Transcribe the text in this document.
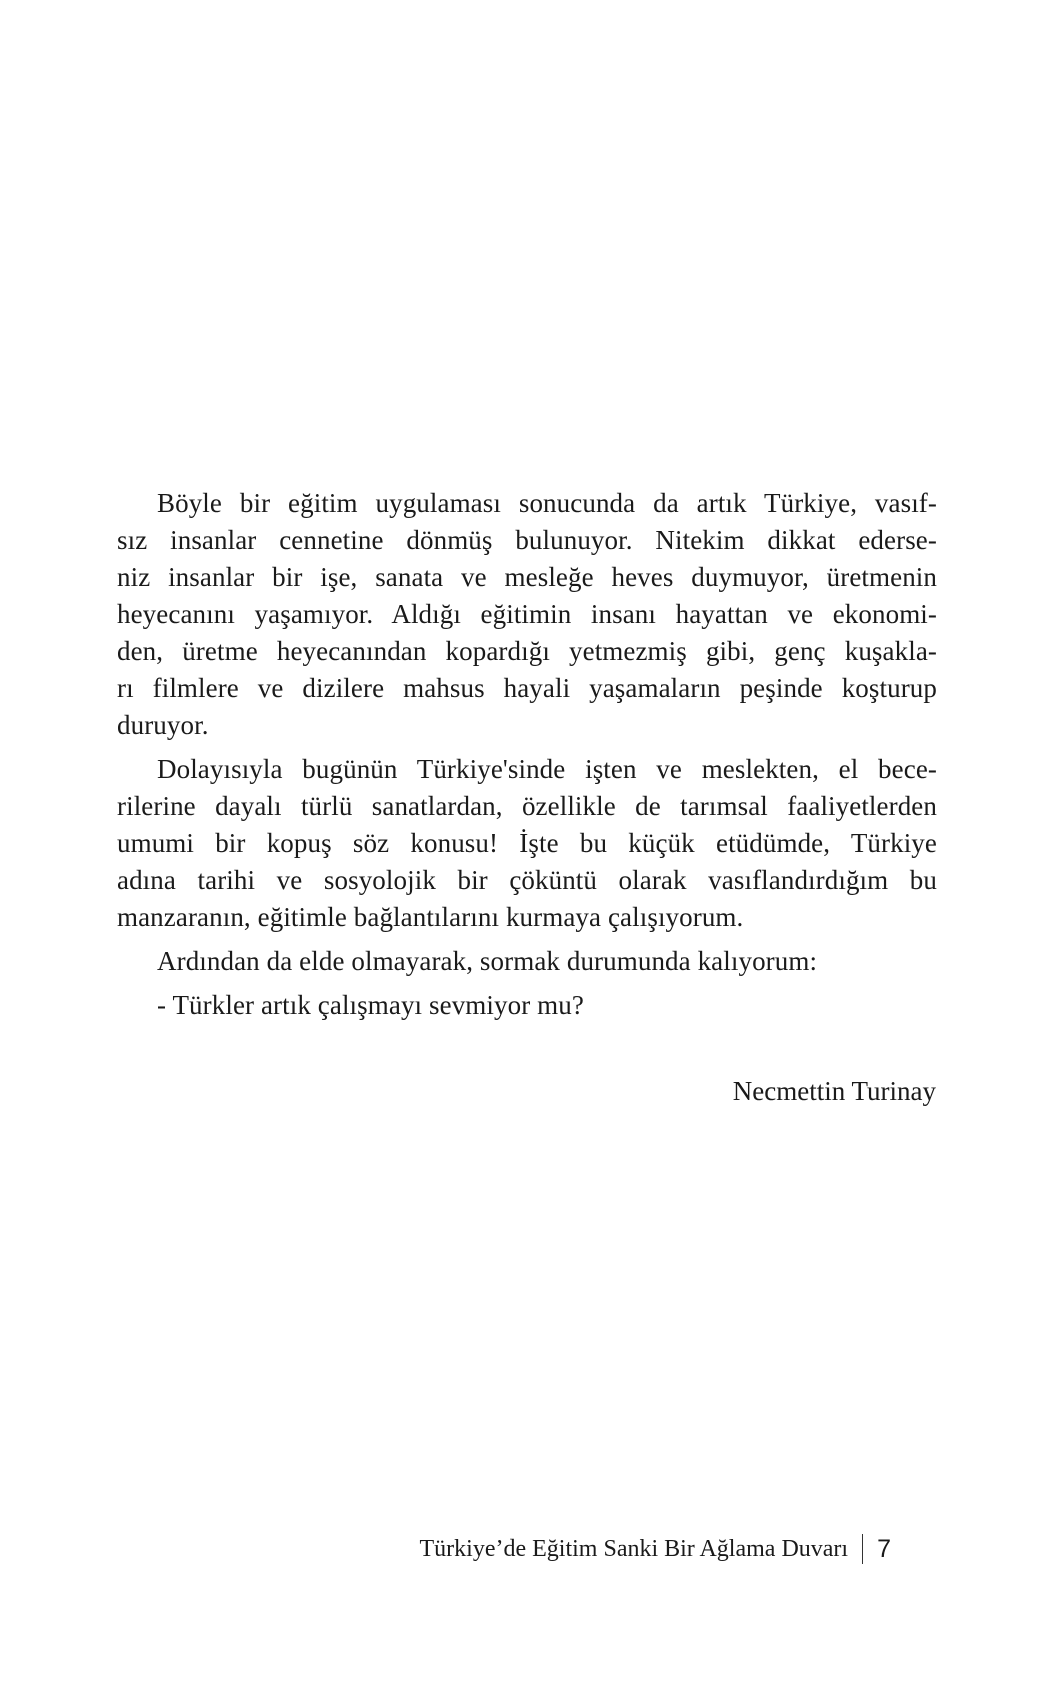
Böyle bir eğitim uygulaması sonucunda da artık Türkiye, vasıf-
sız insanlar cennetine dönmüş bulunuyor. Nitekim dikkat ederse-
niz insanlar bir işe, sanata ve mesleğe heves duymuyor, üretmenin
heyecanını yaşamıyor. Aldığı eğitimin insanı hayattan ve ekonomi-
den, üretme heyecanından kopardığı yetmezmiş gibi, genç kuşakla-
rı filmlere ve dizilere mahsus hayali yaşamaların peşinde koşturup
duruyor.
Dolayısıyla bugünün Türkiye'sinde işten ve meslekten, el bece-
rilerine dayalı türlü sanatlardan, özellikle de tarımsal faaliyetlerden
umumi bir kopuş söz konusu! İşte bu küçük etüdümde, Türkiye
adına tarihi ve sosyolojik bir çöküntü olarak vasıflandırdığım bu
manzaranın, eğitimle bağlantılarını kurmaya çalışıyorum.
Ardından da elde olmayarak, sormak durumunda kalıyorum:
- Türkler artık çalışmayı sevmiyor mu?
Necmettin Turinay
Türkiye’de Eğitim Sanki Bir Ağlama Duvarı 7
